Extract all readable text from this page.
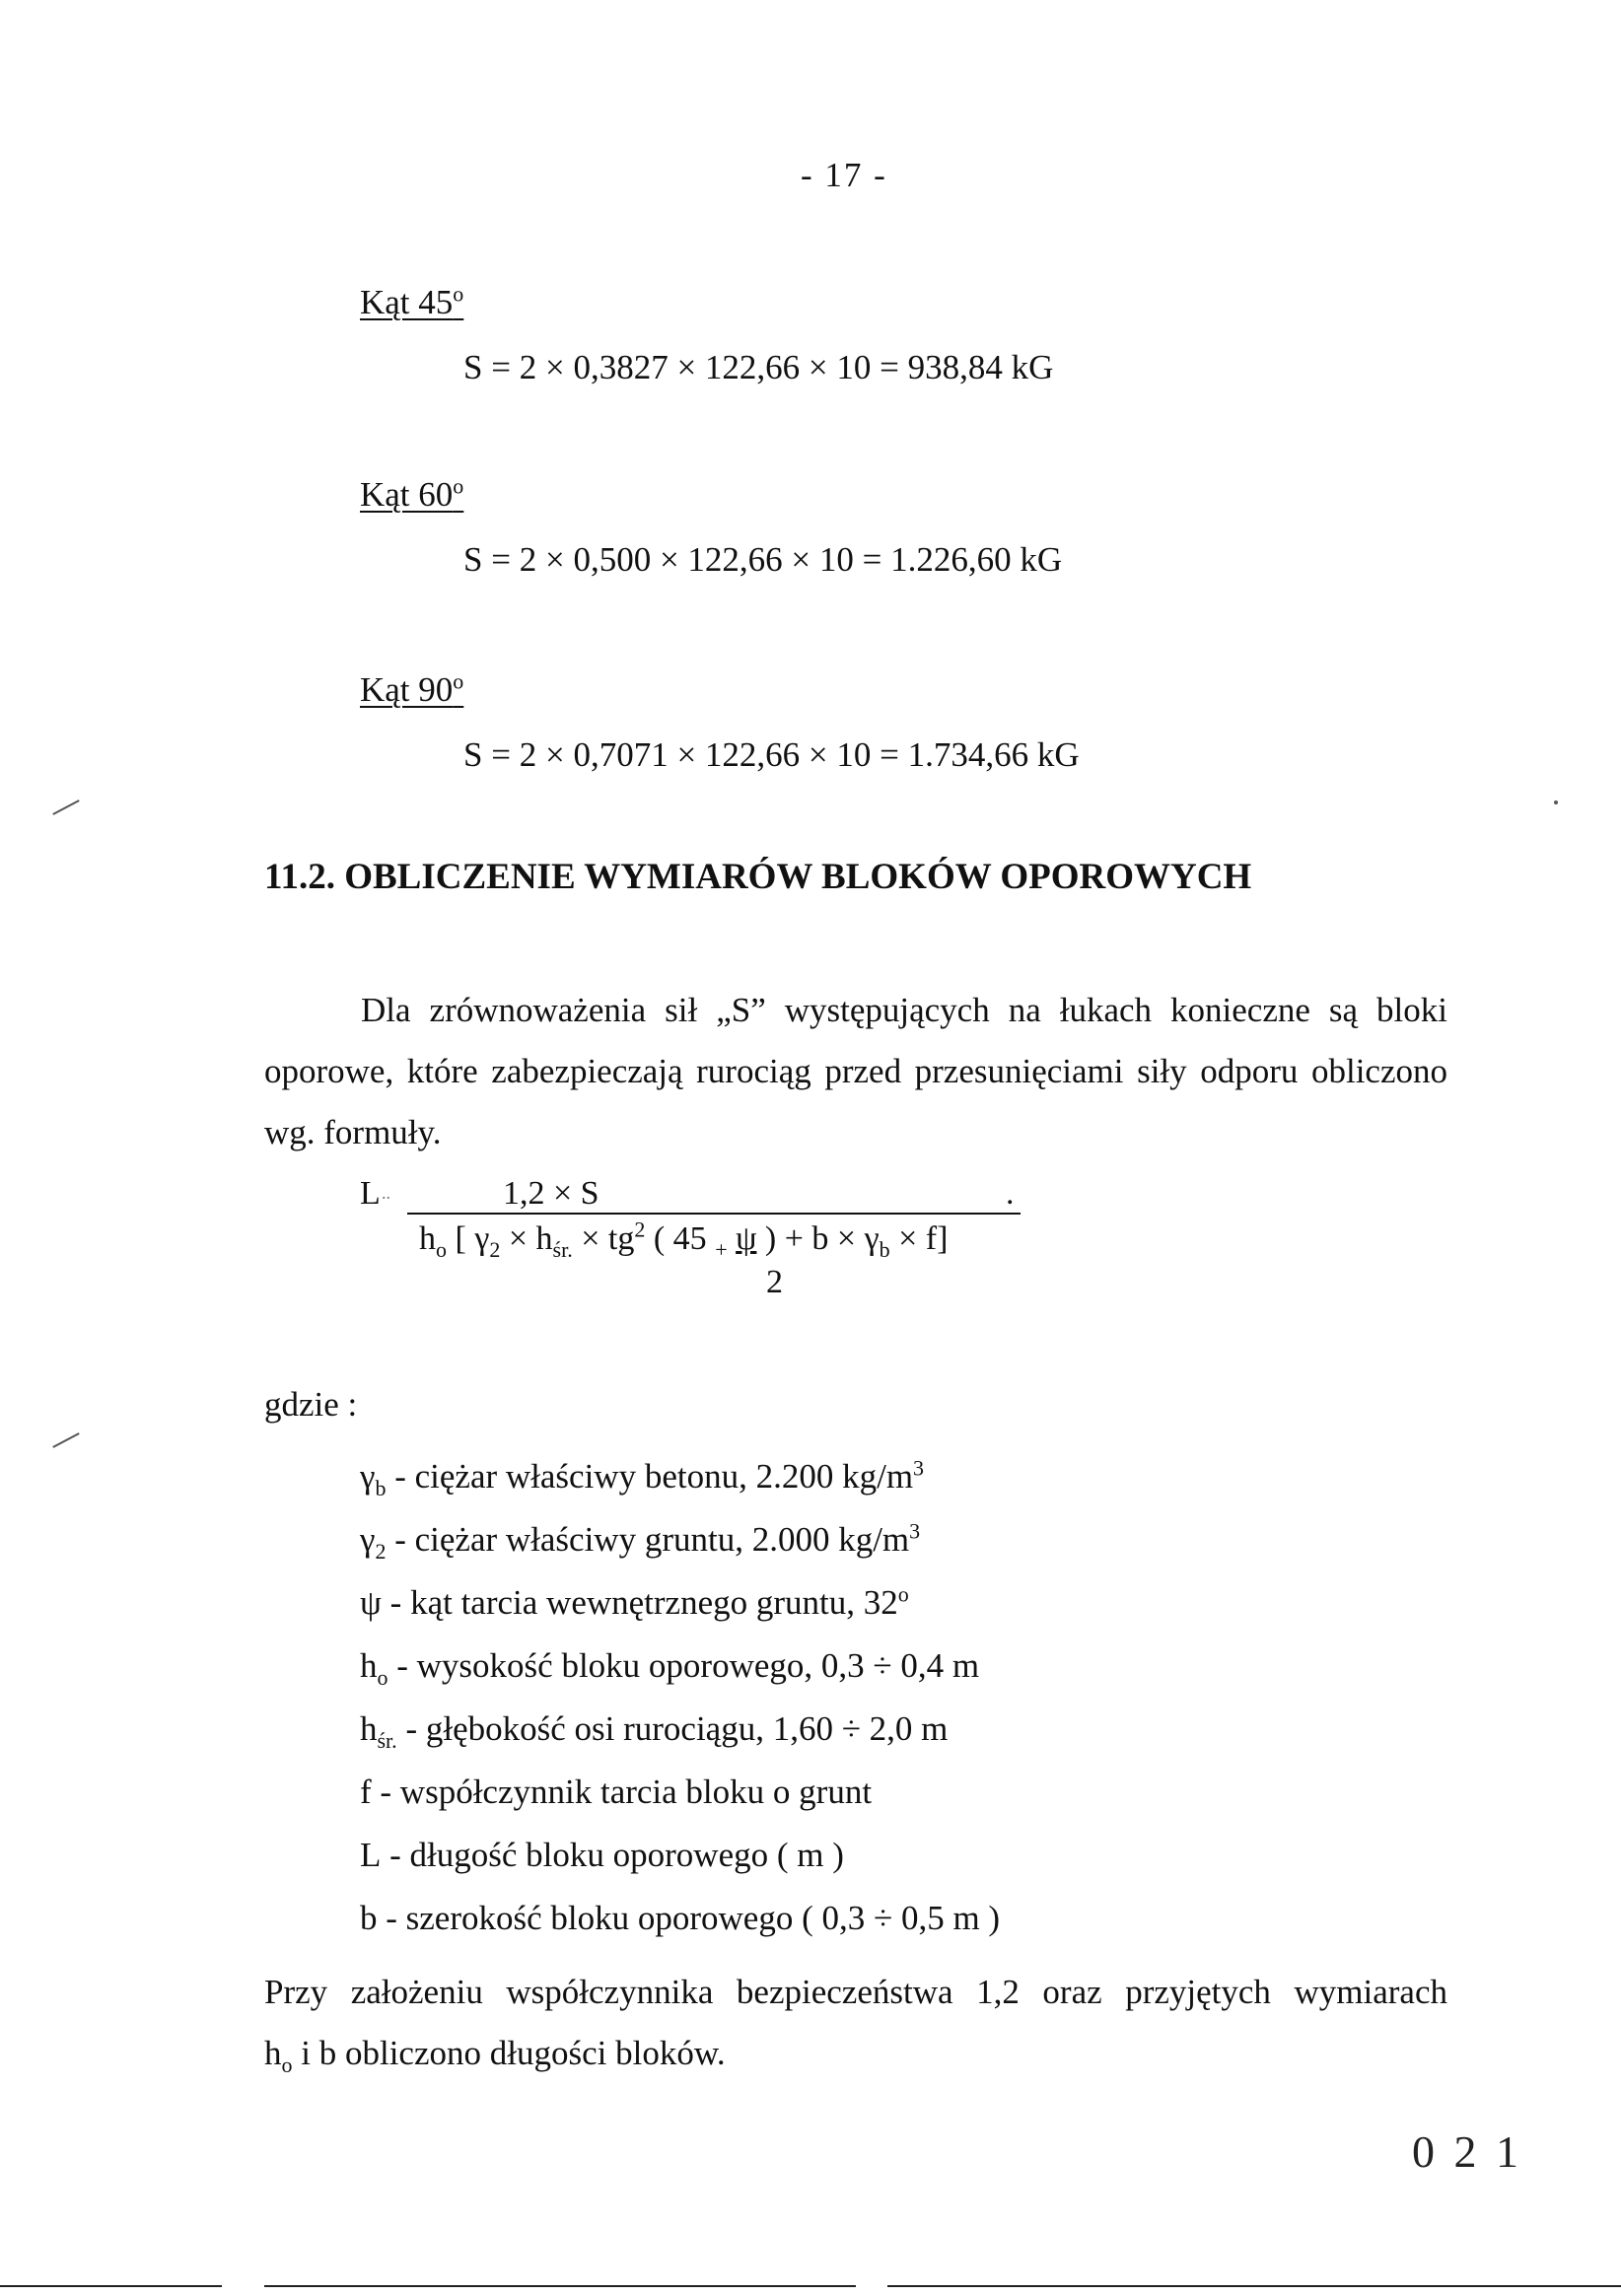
- 17 -
Kąt 45$^o$
S = 2 × 0,3827 × 122,66 × 10 = 938,84 kG
Kąt 60$^o$
S = 2 × 0,500 × 122,66 × 10 = 1.226,60 kG
Kąt 90$^o$
S = 2 × 0,7071 × 122,66 × 10 = 1.734,66 kG
11.2. OBLICZENIE WYMIARÓW BLOKÓW OPOROWYCH
Dla zrównoważenia sił „S” występujących na łukach konieczne są bloki oporowe, które zabezpieczają rurociąg przed przesunięciami siły odporu obliczono wg. formuły.
L ..	1,2 × S	.
$h_o$ [ $\gamma_2 \times h_{śr.} \times tg^2$ ( 45 $_+$ ψ ) + $b \times \gamma_b \times f$]
2
gdzie :
$\gamma_b$ - ciężar właściwy betonu, 2.200 $kg/m^3$
$\gamma_2$ - ciężar właściwy gruntu, 2.000 $kg/m^3$
ψ - kąt tarcia wewnętrznego gruntu, 32$^o$
$h_o$ - wysokość bloku oporowego, 0,3 ÷ 0,4 m
$h_{śr.}$ - głębokość osi rurociągu, 1,60 ÷ 2,0 m
f - współczynnik tarcia bloku o grunt
L - długość bloku oporowego ( m )
b - szerokość bloku oporowego ( 0,3 ÷ 0,5 m )
Przy założeniu współczynnika bezpieczeństwa 1,2 oraz przyjętych wymiarach
$h_o$ i b obliczono długości bloków.
0 2 1
